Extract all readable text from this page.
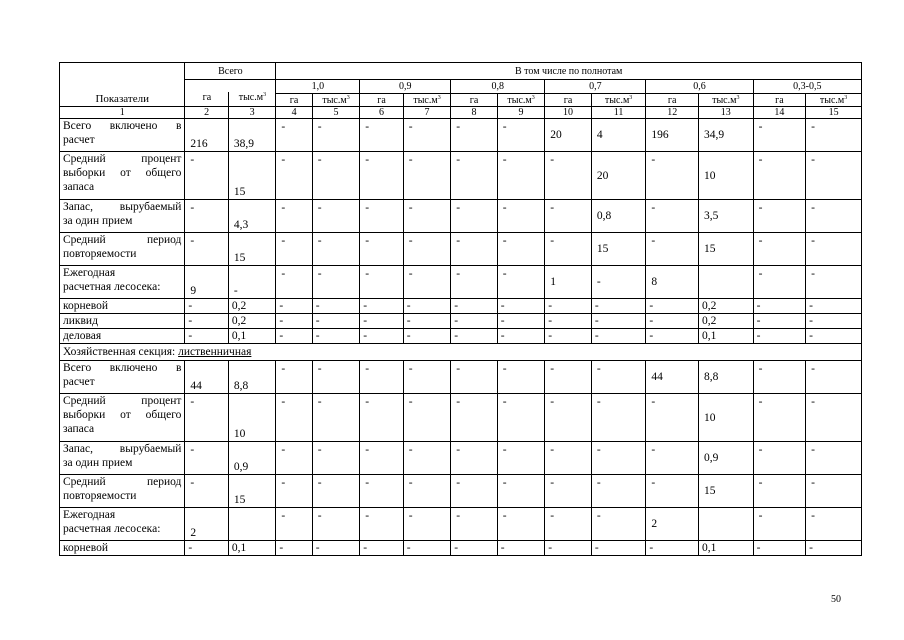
Показатели	Всего		В том числе по полнотам											

	га $тыс.м^3$		1,0		0,9		0,8		0,7		0,6		0,3-0,5	
			га	$тыс.м^3$	га	$тыс.м^3$	га	$тыс.м^3$	га	$тыс.м^3$	га	$тыс.м^3$	га	$тыс.м^3$
1	2	3	4	5	6	7	8	9	10	11	12	13	14	15

Всего включено в
расчет	216	38,9	-	-	-	-	-	-	20	4	196	34,9	-	-

Средний процент
выборки от общего
запаса	-	15	-	-	-	-	-	-	-	20	-	10	-	-

Запас, вырубаемый
за один прием	-	4,3	-	-	-	-	-	-	-	0,8	-	3,5	-	-

Средний период
повторяемости	-	15	-	-	-	-	-	-	-	15	-	15	-	-

Ежегодная
расчетная лесосека:	9	-	-	-	-	-	-	-	1	-	8		-	-

корневой	-	0,2	-	-	-	-	-	-	-	-	-	0,2	-	-
ликвид	-	0,2	-	-	-	-	-	-	-	-	-	0,2	-	-
деловая	-	0,1	-	-	-	-	-	-	-	-	-	0,1	-	-
Хозяйственная секция: лиственничная														

Всего включено в
расчет	44	8,8	-	-	-	-	-	-	-	-	44	8,8	-	-

Средний процент
выборки от общего
запаса	-	10	-	-	-	-	-	-	-	-	-	10	-	-

Запас, вырубаемый
за один прием	-	0,9	-	-	-	-	-	-	-	-	-	0,9	-	-

Средний период
повторяемости	-	15	-	-	-	-	-	-	-	-	-	15	-	-

Ежегодная
расчетная лесосека:	2		-	-	-	-	-	-	-	-	2		-	-

корневой	-	0,1	-	-	-	-	-	-	-	-	-	0,1	-	-
50
